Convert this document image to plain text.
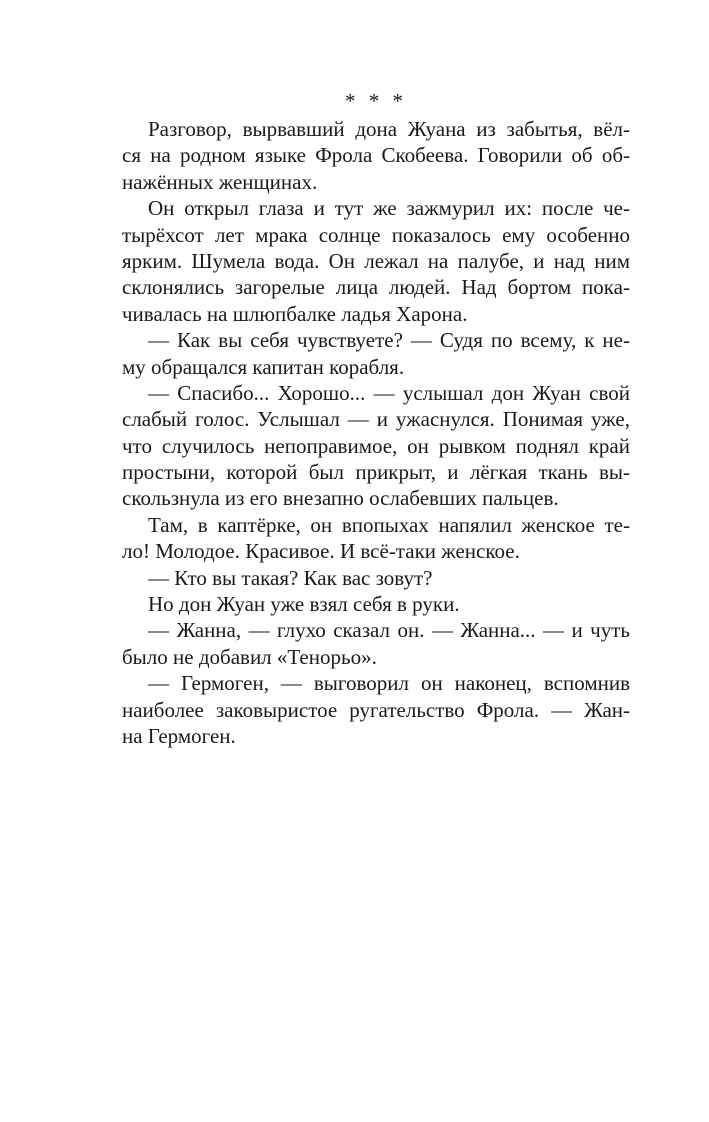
* * *
Разговор, вырвавший дона Жуана из забытья, вёл-
ся на родном языке Фрола Скобеева. Говорили об об-
нажённых женщинах.
Он открыл глаза и тут же зажмурил их: после че-
тырёхсот лет мрака солнце показалось ему особенно
ярким. Шумела вода. Он лежал на палубе, и над ним
склонялись загорелые лица людей. Над бортом пока-
чивалась на шлюпбалке ладья Харона.
— Как вы себя чувствуете? — Судя по всему, к не-
му обращался капитан корабля.
— Спасибо... Хорошо... — услышал дон Жуан свой
слабый голос. Услышал — и ужаснулся. Понимая уже,
что случилось непоправимое, он рывком поднял край
простыни, которой был прикрыт, и лёгкая ткань вы-
скользнула из его внезапно ослабевших пальцев.
Там, в каптёрке, он впопыхах напялил женское те-
ло! Молодое. Красивое. И всё-таки женское.
— Кто вы такая? Как вас зовут?
Но дон Жуан уже взял себя в руки.
— Жанна, — глухо сказал он. — Жанна... — и чуть
было не добавил «Тенорьо».
— Гермоген, — выговорил он наконец, вспомнив
наиболее заковыристое ругательство Фрола. — Жан-
на Гермоген.
